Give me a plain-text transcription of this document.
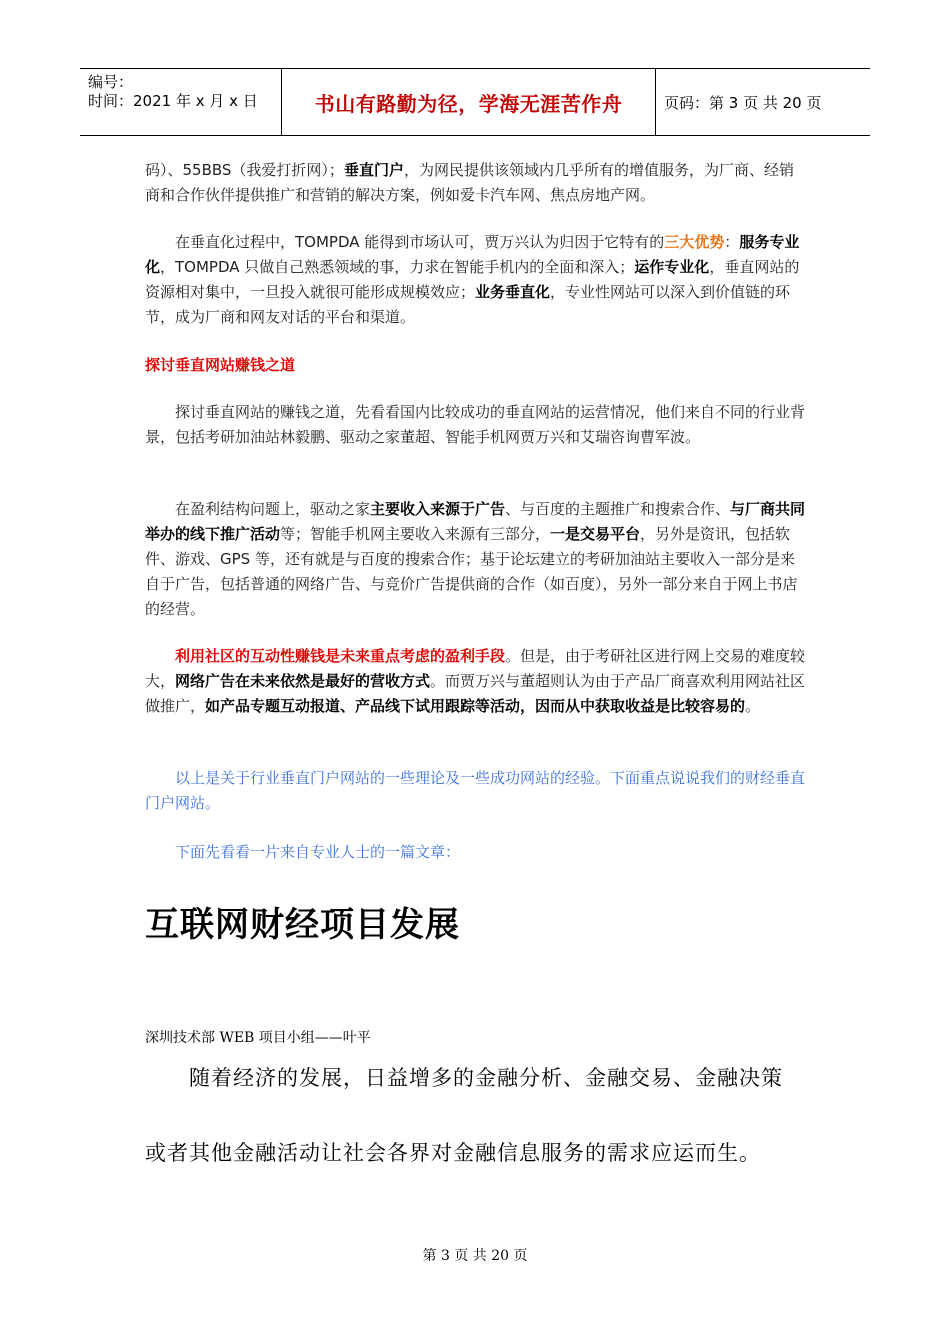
编号：
时间：2021 年 x 月 x 日	书山有路勤为径，学海无涯苦作舟	页码：第 3 页 共 20 页

码）、55BBS（我爱打折网）；垂直门户，为网民提供该领域内几乎所有的增值服务，为厂商、经销商和合作伙伴提供推广和营销的解决方案，例如爱卡汽车网、焦点房地产网。

在垂直化过程中，TOMPDA 能得到市场认可，贾万兴认为归因于它特有的三大优势：服务专业化，TOMPDA 只做自己熟悉领域的事，力求在智能手机内的全面和深入；运作专业化，垂直网站的资源相对集中，一旦投入就很可能形成规模效应；业务垂直化，专业性网站可以深入到价值链的环节，成为厂商和网友对话的平台和渠道。

探讨垂直网站赚钱之道

探讨垂直网站的赚钱之道，先看看国内比较成功的垂直网站的运营情况，他们来自不同的行业背景，包括考研加油站林毅鹏、驱动之家董超、智能手机网贾万兴和艾瑞咨询曹军波。

在盈利结构问题上，驱动之家主要收入来源于广告、与百度的主题推广和搜索合作、与厂商共同举办的线下推广活动等；智能手机网主要收入来源有三部分，一是交易平台，另外是资讯，包括软件、游戏、GPS 等，还有就是与百度的搜索合作；基于论坛建立的考研加油站主要收入一部分是来自于广告，包括普通的网络广告、与竞价广告提供商的合作（如百度），另外一部分来自于网上书店的经营。

利用社区的互动性赚钱是未来重点考虑的盈利手段。但是，由于考研社区进行网上交易的难度较大，网络广告在未来依然是最好的营收方式。而贾万兴与董超则认为由于产品厂商喜欢利用网站社区做推广，如产品专题互动报道、产品线下试用跟踪等活动，因而从中获取收益是比较容易的。

以上是关于行业垂直门户网站的一些理论及一些成功网站的经验。下面重点说说我们的财经垂直门户网站。

下面先看看一片来自专业人士的一篇文章：

互联网财经项目发展
深圳技术部 WEB 项目小组——叶平
随着经济的发展，日益增多的金融分析、金融交易、金融决策
或者其他金融活动让社会各界对金融信息服务的需求应运而生。
第 3 页 共 20 页
